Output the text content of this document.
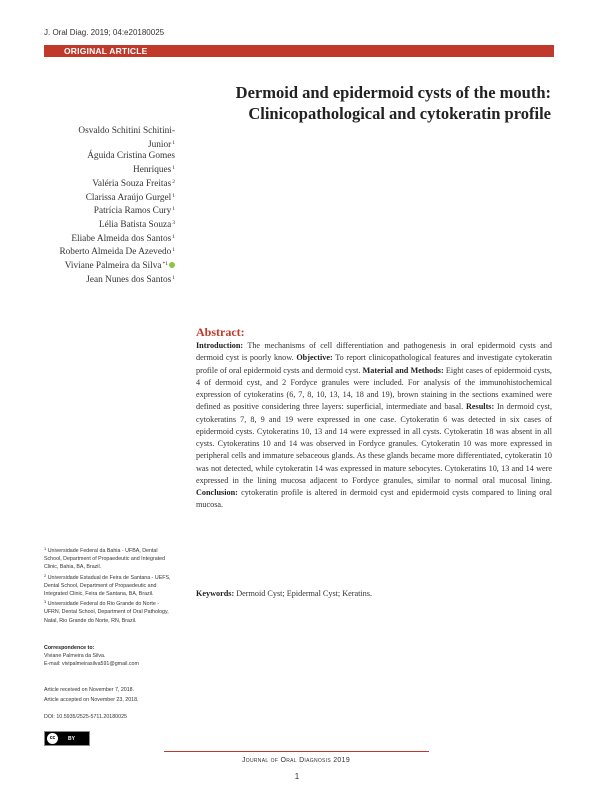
J. Oral Diag. 2019; 04:e20180025
ORIGINAL ARTICLE
Dermoid and epidermoid cysts of the mouth:
Clinicopathological and cytokeratin profile
Osvaldo Schitini Schitini-
Junior$^1$
Águida Cristina Gomes
Henriques$^1$
Valéria Souza Freitas$^2$
Clarissa Araújo Gurgel$^1$
Patrícia Ramos Cury$^1$
Lélia Batista Souza$^3$
Eliabe Almeida dos Santos$^1$
Roberto Almeida De Azevedo$^1$
Viviane Palmeira da Silva$^{*1}$
Jean Nunes dos Santos$^1$
Abstract:

Introduction: The mechanisms of cell differentiation and pathogenesis in oral epidermoid cysts and dermoid cyst is poorly know. Objective: To report clinicopathological features and investigate cytokeratin profile of oral epidermoid cysts and dermoid cyst. Material and Methods: Eight cases of epidermoid cysts, 4 of dermoid cyst, and 2 Fordyce granules were included. For analysis of the immunohistochemical expression of cytokeratins (6, 7, 8, 10, 13, 14, 18 and 19), brown staining in the sections examined were defined as positive considering three layers: superficial, intermediate and basal. Results: In dermoid cyst, cytokeratins 7, 8, 9 and 19 were expressed in one case. Cytokeratin 6 was detected in six cases of epidermoid cysts. Cytokeratins 10, 13 and 14 were expressed in all cysts. Cytokeratin 18 was absent in all cysts. Cytokeratins 10 and 14 was observed in Fordyce granules. Cytokeratin 10 was more expressed in peripheral cells and immature sebaceous glands. As these glands became more differentiated, cytokeratin 10 was not detected, while cytokeratin 14 was expressed in mature sebocytes. Cytokeratins 10, 13 and 14 were expressed in the lining mucosa adjacent to Fordyce granules, similar to normal oral mucosal lining. Conclusion: cytokeratin profile is altered in dermoid cyst and epidermoid cysts compared to lining oral mucosa.

Keywords: Dermoid Cyst; Epidermal Cyst; Keratins.
$^1$ Universidade Federal da Bahia - UFBA, Dental School, Department of Propaedeutic and Integrated Clinic, Bahia, BA, Brazil.
$^2$ Universidade Estadual de Feira de Santana - UEFS, Dental School, Department of Propaedeutic and Integrated Clinic, Feira de Santana, BA, Brazil.
$^3$ Universidade Federal do Rio Grande do Norte - UFRN, Dental School, Department of Oral Pathology, Natal, Rio Grande do Norte, RN, Brazil.
Correspondence to:
Viviane Palmeira da Silva.
E-mail: vivipalmeirasilva591@gmail.com
Article received on November 7, 2018.
Article accepted on November 23, 2018.
DOI: 10.5935/2525-5711.20180025
cc	BY
Journal of Oral Diagnosis 2019
1
